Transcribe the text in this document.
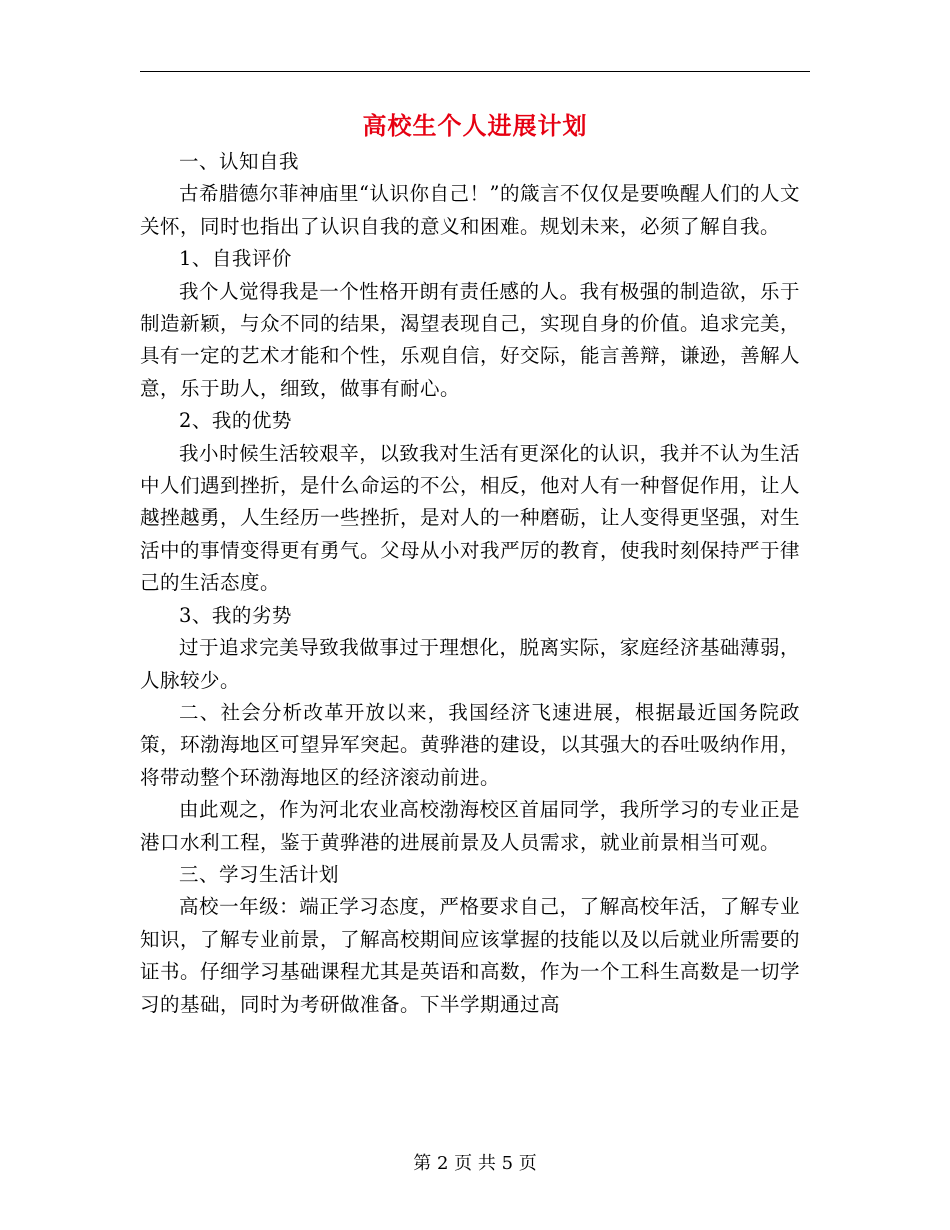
高校生个人进展计划

一、认知自我

古希腊德尔菲神庙里“认识你自己！”的箴言不仅仅是要唤醒人们的人文关怀，同时也指出了认识自我的意义和困难。规划未来，必须了解自我。

1、自我评价

我个人觉得我是一个性格开朗有责任感的人。我有极强的制造欲，乐于制造新颖，与众不同的结果，渴望表现自己，实现自身的价值。追求完美，具有一定的艺术才能和个性，乐观自信，好交际，能言善辩，谦逊，善解人意，乐于助人，细致，做事有耐心。

2、我的优势

我小时候生活较艰辛，以致我对生活有更深化的认识，我并不认为生活中人们遇到挫折，是什么命运的不公，相反，他对人有一种督促作用，让人越挫越勇，人生经历一些挫折，是对人的一种磨砺，让人变得更坚强，对生活中的事情变得更有勇气。父母从小对我严厉的教育，使我时刻保持严于律己的生活态度。

3、我的劣势

过于追求完美导致我做事过于理想化，脱离实际，家庭经济基础薄弱，人脉较少。

二、社会分析改革开放以来，我国经济飞速进展，根据最近国务院政策，环渤海地区可望异军突起。黄骅港的建设，以其强大的吞吐吸纳作用，将带动整个环渤海地区的经济滚动前进。

由此观之，作为河北农业高校渤海校区首届同学，我所学习的专业正是港口水利工程，鉴于黄骅港的进展前景及人员需求，就业前景相当可观。

三、学习生活计划

高校一年级：端正学习态度，严格要求自己，了解高校年活，了解专业知识，了解专业前景，了解高校期间应该掌握的技能以及以后就业所需要的证书。仔细学习基础课程尤其是英语和高数，作为一个工科生高数是一切学习的基础，同时为考研做准备。下半学期通过高

第 2 页 共 5 页
